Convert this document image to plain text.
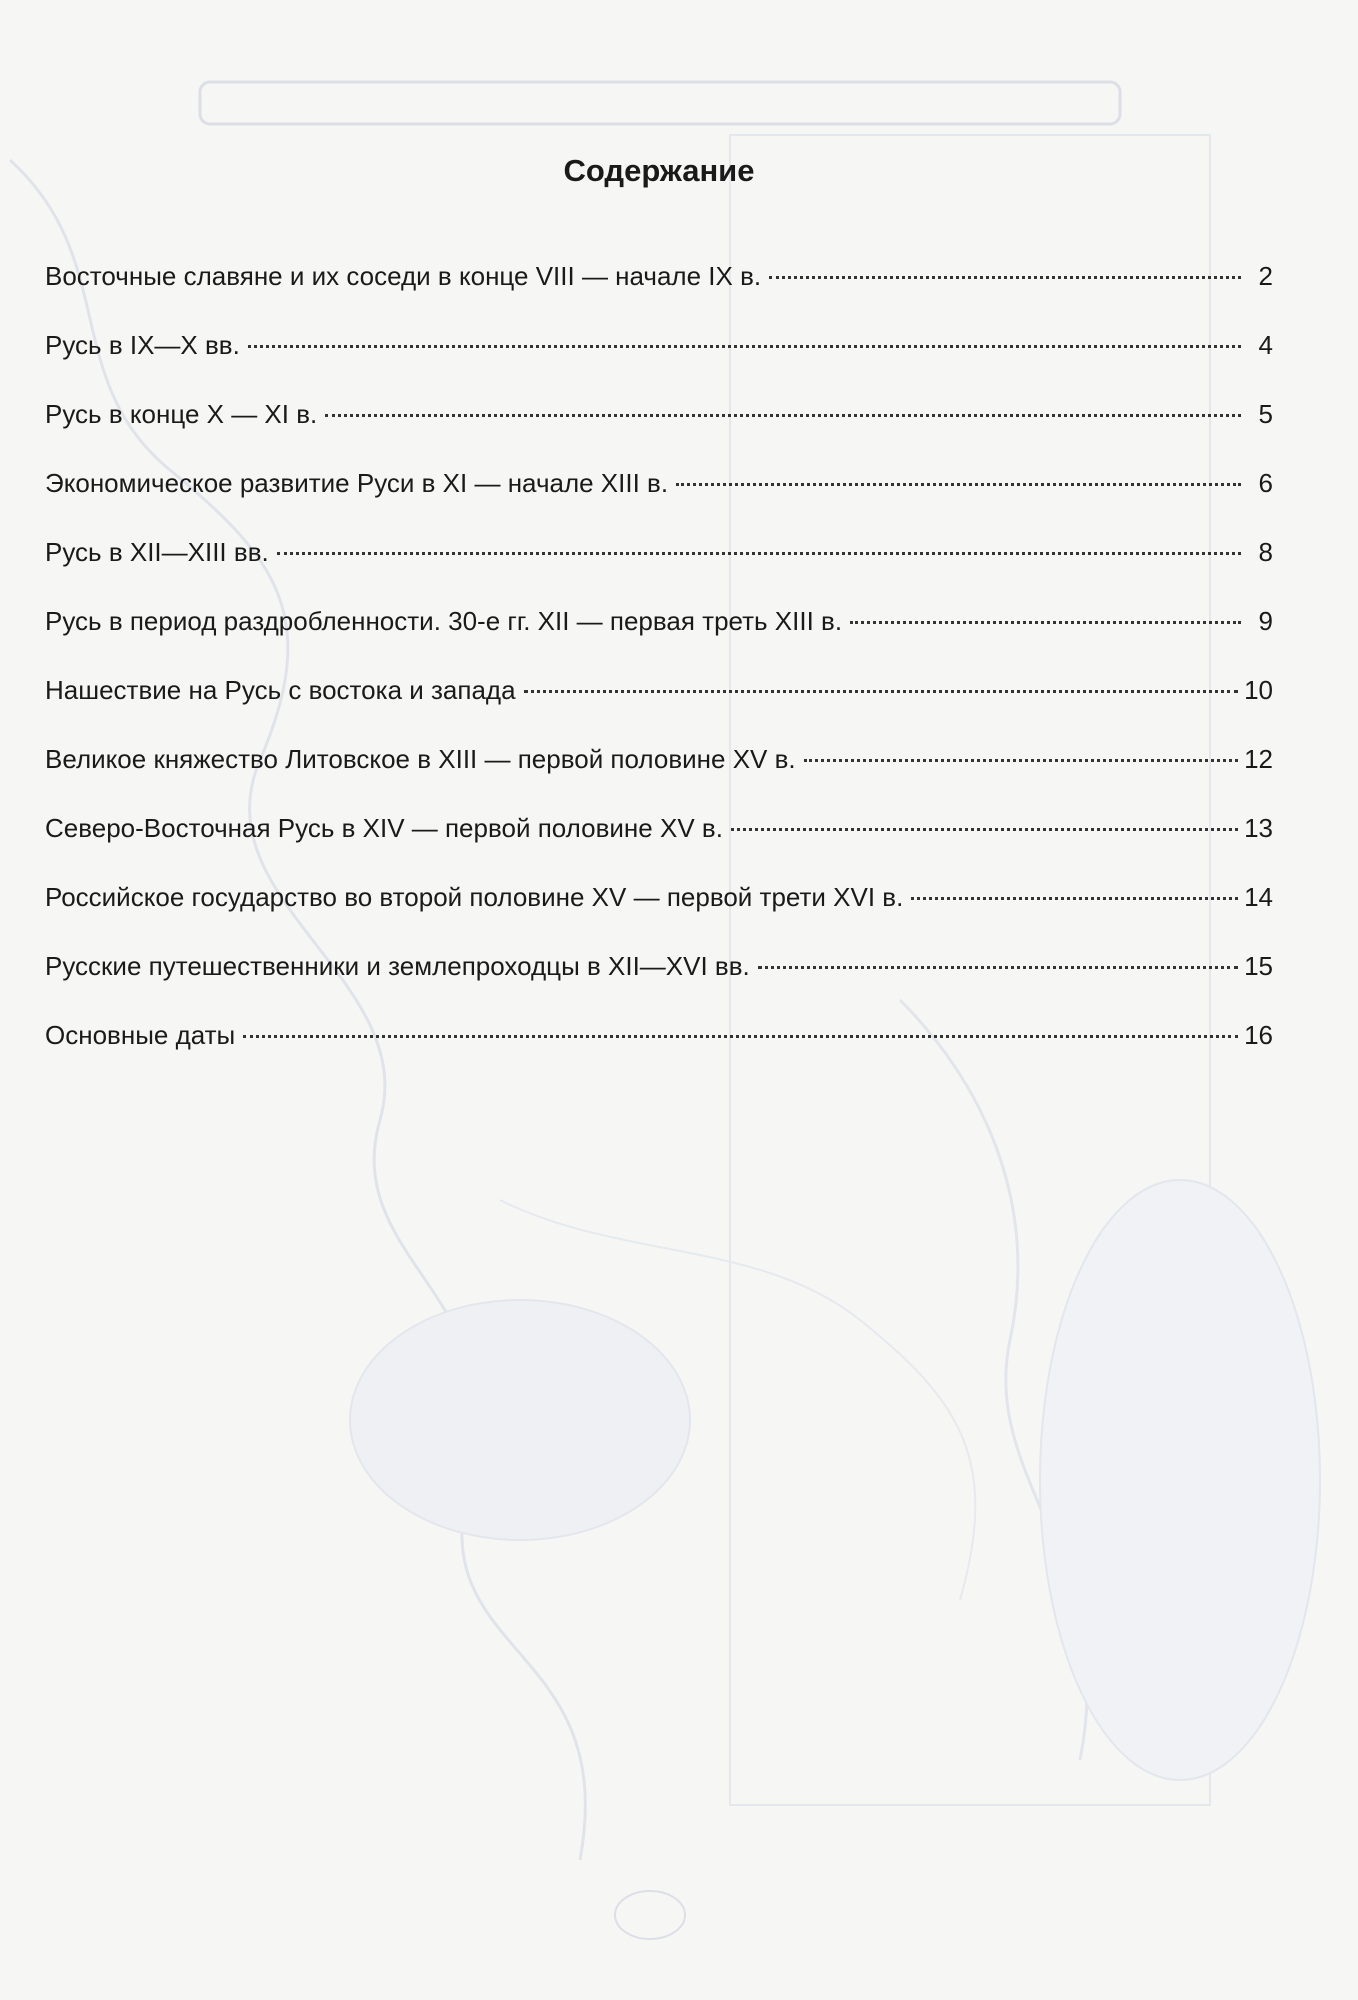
Содержание
Восточные славяне и их соседи в конце VIII — начале IX в.	2
Русь в IX—X вв.	4
Русь в конце X — XI в.	5
Экономическое развитие Руси в XI — начале XIII в.	6
Русь в XII—XIII вв.	8
Русь в период раздробленности. 30-е гг. XII — первая треть XIII в.	9
Нашествие на Русь с востока и запада	10
Великое княжество Литовское в XIII — первой половине XV в.	12
Северо-Восточная Русь в XIV — первой половине XV в.	13
Российское государство во второй половине XV — первой трети XVI в.	14
Русские путешественники и землепроходцы в XII—XVI вв.	15
Основные даты	16
